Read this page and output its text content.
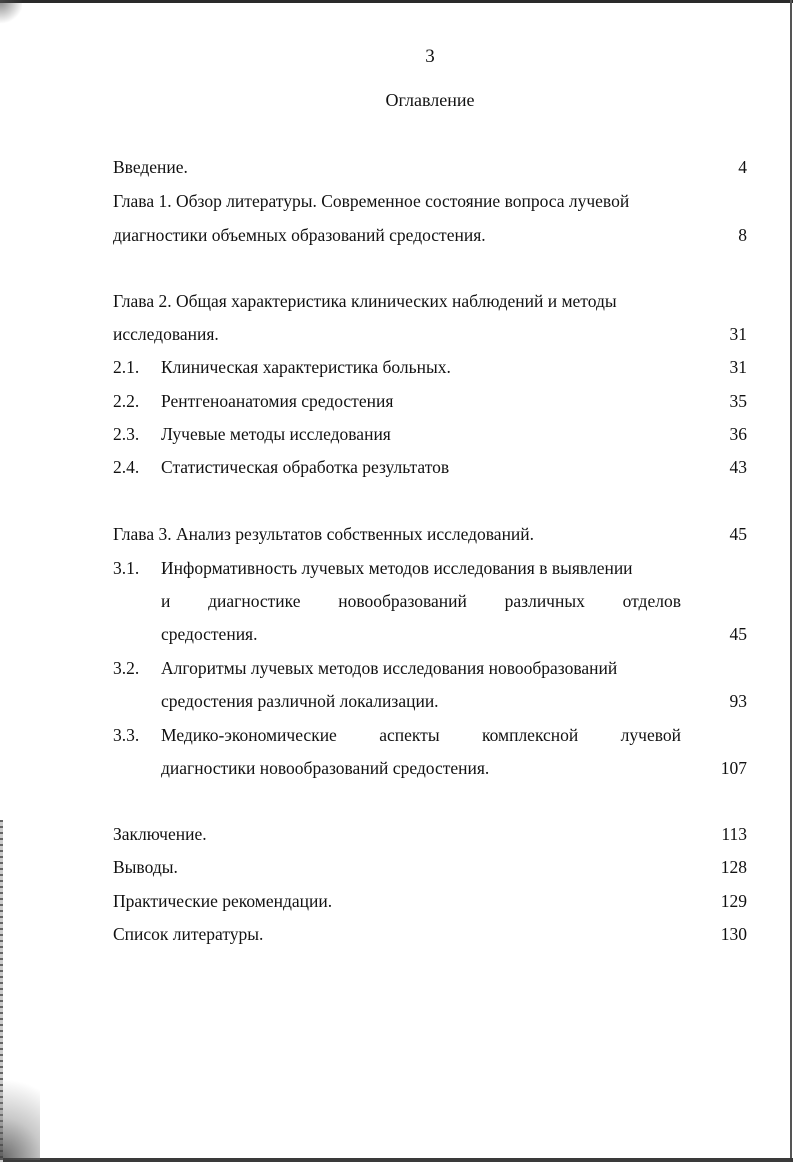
3
Оглавление
Введение.	4
Глава 1. Обзор литературы. Современное состояние вопроса лучевой
диагностики объемных образований средостения.	8
Глава 2. Общая характеристика клинических наблюдений и методы
исследования.	31
2.1. Клиническая характеристика больных.	31
2.2. Рентгеноанатомия средостения	35
2.3. Лучевые методы исследования	36
2.4. Статистическая обработка результатов	43
Глава 3. Анализ результатов собственных исследований.	45
3.1. Информативность лучевых методов исследования в выявлении
и диагностике новообразований различных отделов
средостения.	45
3.2. Алгоритмы лучевых методов исследования новообразований
средостения различной локализации.	93
3.3. Медико-экономические аспекты комплексной лучевой
диагностики новообразований средостения.	107
Заключение.	113
Выводы.	128
Практические рекомендации.	129
Список литературы.	130
